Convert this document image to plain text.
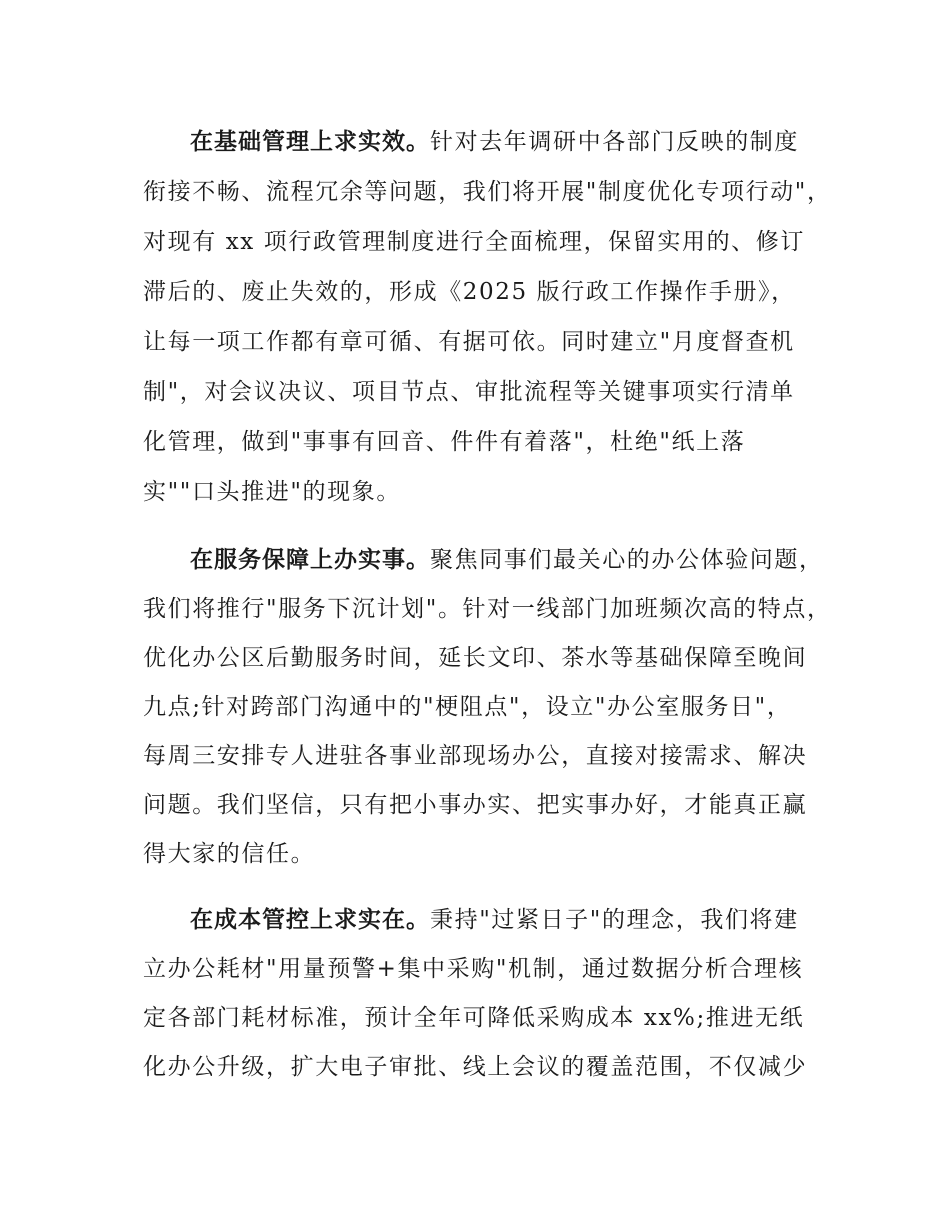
在基础管理上求实效。针对去年调研中各部门反映的制度
衔接不畅、流程冗余等问题，我们将开展"制度优化专项行动"，
对现有 xx 项行政管理制度进行全面梳理，保留实用的、修订
滞后的、废止失效的，形成《2025 版行政工作操作手册》，
让每一项工作都有章可循、有据可依。同时建立"月度督查机
制"，对会议决议、项目节点、审批流程等关键事项实行清单
化管理，做到"事事有回音、件件有着落"，杜绝"纸上落
实""口头推进"的现象。
在服务保障上办实事。聚焦同事们最关心的办公体验问题，
我们将推行"服务下沉计划"。针对一线部门加班频次高的特点，
优化办公区后勤服务时间，延长文印、茶水等基础保障至晚间
九点;针对跨部门沟通中的"梗阻点"，设立"办公室服务日"，
每周三安排专人进驻各事业部现场办公，直接对接需求、解决
问题。我们坚信，只有把小事办实、把实事办好，才能真正赢
得大家的信任。
在成本管控上求实在。秉持"过紧日子"的理念，我们将建
立办公耗材"用量预警+集中采购"机制，通过数据分析合理核
定各部门耗材标准，预计全年可降低采购成本 xx%;推进无纸
化办公升级，扩大电子审批、线上会议的覆盖范围，不仅减少
